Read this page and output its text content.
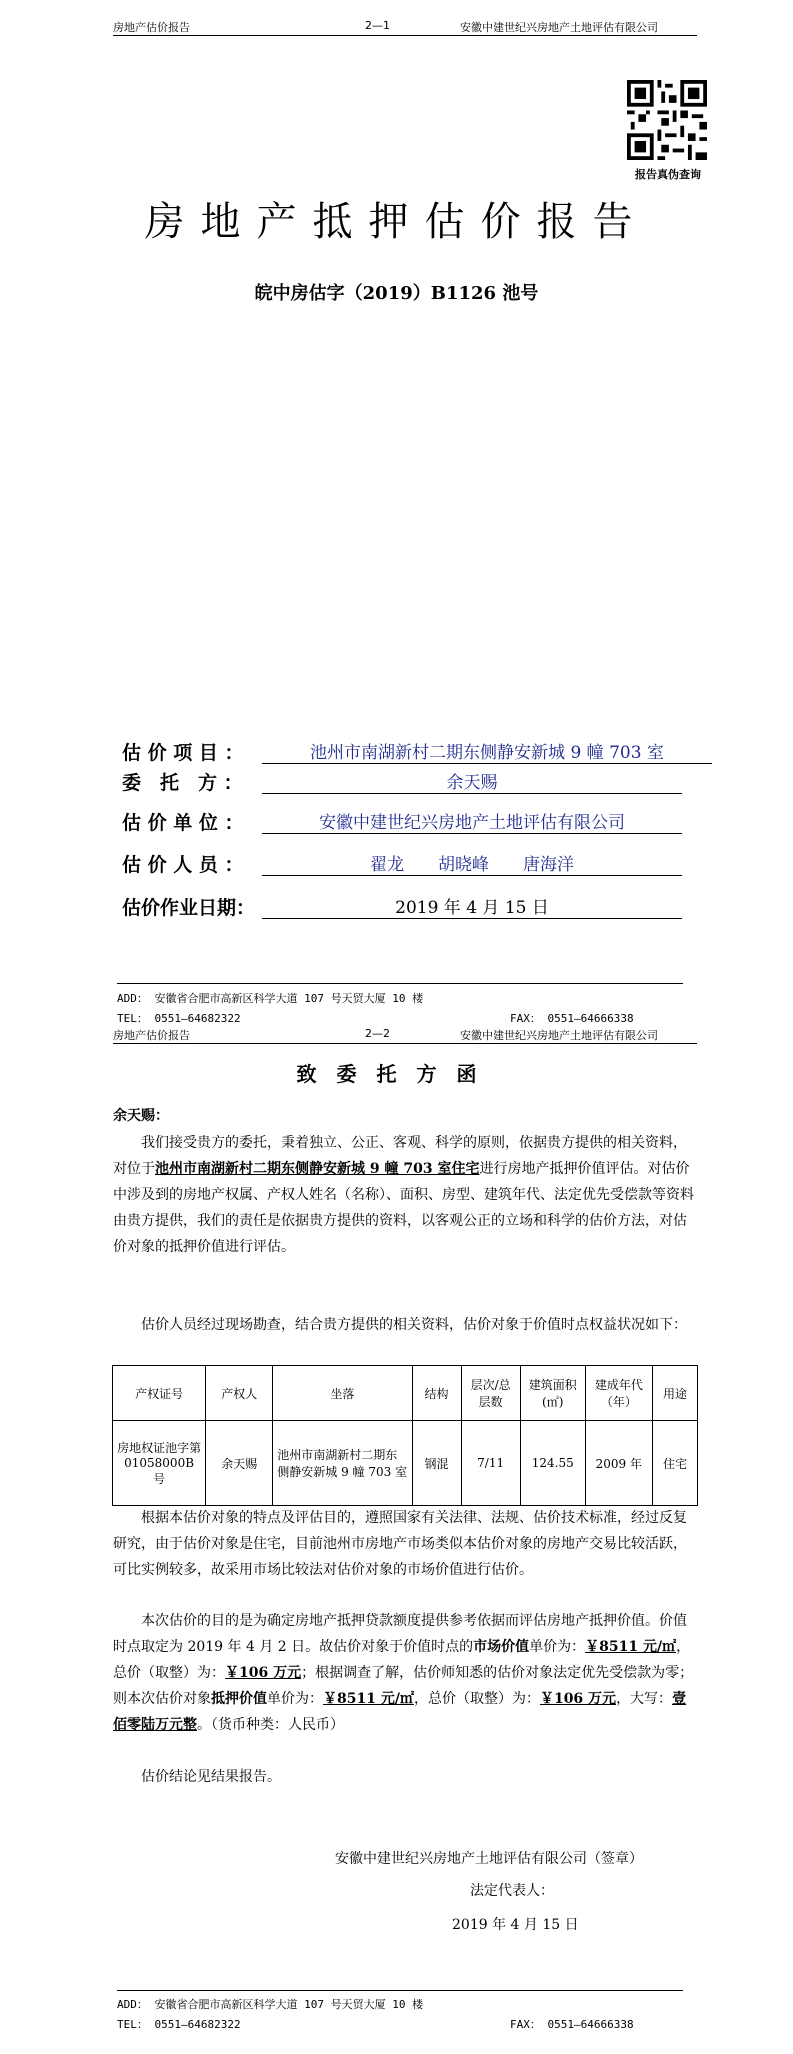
房地产估价报告	2—1	安徽中建世纪兴房地产土地评估有限公司
报告真伪查询
房地产抵押估价报告
皖中房估字（2019）B1126 池号
估 价 项 目 ：	池州市南湖新村二期东侧静安新城 9 幢 703 室
委　托　方 ：	余天赐
估 价 单 位 ：	安徽中建世纪兴房地产土地评估有限公司
估 价 人 员 ：	翟龙　　胡晓峰　　唐海洋
估价作业日期：	2019 年 4 月 15 日
ADD： 安徽省合肥市高新区科学大道 107 号天贸大厦 10 楼
TEL： 0551—64682322	FAX： 0551—64666338
房地产估价报告	2—2	安徽中建世纪兴房地产土地评估有限公司
致委托方函
余天赐：
我们接受贵方的委托，秉着独立、公正、客观、科学的原则，依据贵方提供的相关资料，对位于池州市南湖新村二期东侧静安新城 9 幢 703 室住宅进行房地产抵押价值评估。对估价中涉及到的房地产权属、产权人姓名（名称）、面积、房型、建筑年代、法定优先受偿款等资料由贵方提供，我们的责任是依据贵方提供的资料，以客观公正的立场和科学的估价方法，对估价对象的抵押价值进行评估。
估价人员经过现场勘查，结合贵方提供的相关资料，估价对象于价值时点权益状况如下：
产权证号	产权人	坐落	结构	层次/总层数	建筑面积(㎡)	建成年代（年）	用途
房地权证池字第 01058000B 号	余天赐	池州市南湖新村二期东侧静安新城 9 幢 703 室	钢混	7/11	124.55	2009 年	住宅
根据本估价对象的特点及评估目的，遵照国家有关法律、法规、估价技术标准，经过反复研究，由于估价对象是住宅，目前池州市房地产市场类似本估价对象的房地产交易比较活跃，可比实例较多，故采用市场比较法对估价对象的市场价值进行估价。
本次估价的目的是为确定房地产抵押贷款额度提供参考依据而评估房地产抵押价值。价值时点取定为 2019 年 4 月 2 日。故估价对象于价值时点的市场价值单价为：￥8511 元/㎡，总价（取整）为：￥106 万元；根据调查了解，估价师知悉的估价对象法定优先受偿款为零；则本次估价对象抵押价值单价为：￥8511 元/㎡，总价（取整）为：￥106 万元，大写：壹佰零陆万元整。（货币种类：人民币）
估价结论见结果报告。
安徽中建世纪兴房地产土地评估有限公司（签章）
法定代表人：
2019 年 4 月 15 日
ADD： 安徽省合肥市高新区科学大道 107 号天贸大厦 10 楼
TEL： 0551—64682322	FAX： 0551—64666338
